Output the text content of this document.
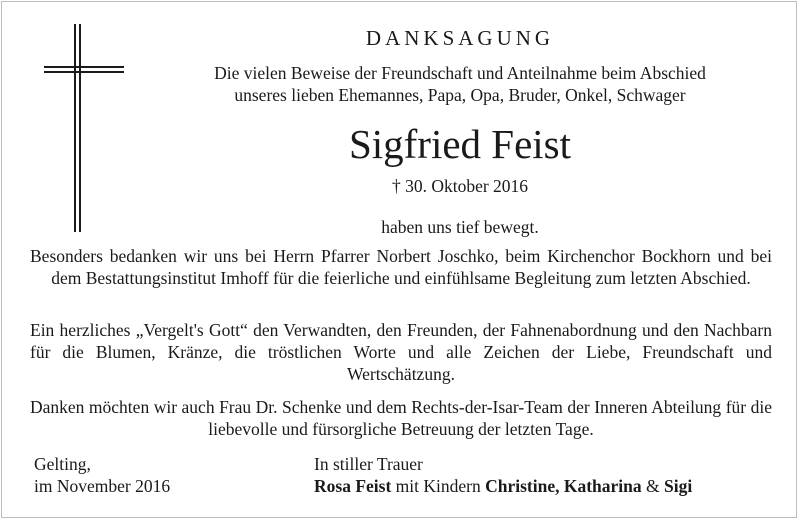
DANKSAGUNG
Die vielen Beweise der Freundschaft und Anteilnahme beim Abschied
unseres lieben Ehemannes, Papa, Opa, Bruder, Onkel, Schwager
Sigfried Feist
† 30. Oktober 2016
haben uns tief bewegt.
Besonders bedanken wir uns bei Herrn Pfarrer Norbert Joschko, beim Kirchenchor Bockhorn und bei dem Bestattungsinstitut Imhoff für die feierliche und einfühlsame Begleitung zum letzten Abschied.
Ein herzliches „Vergelt's Gott“ den Verwandten, den Freunden, der Fahnenabordnung und den Nachbarn für die Blumen, Kränze, die tröstlichen Worte und alle Zeichen der Liebe, Freundschaft und Wertschätzung.
Danken möchten wir auch Frau Dr. Schenke und dem Rechts-der-Isar-Team der Inneren Abteilung für die liebevolle und fürsorgliche Betreuung der letzten Tage.
Gelting,
im November 2016
In stiller Trauer
Rosa Feist mit Kindern Christine, Katharina & Sigi
